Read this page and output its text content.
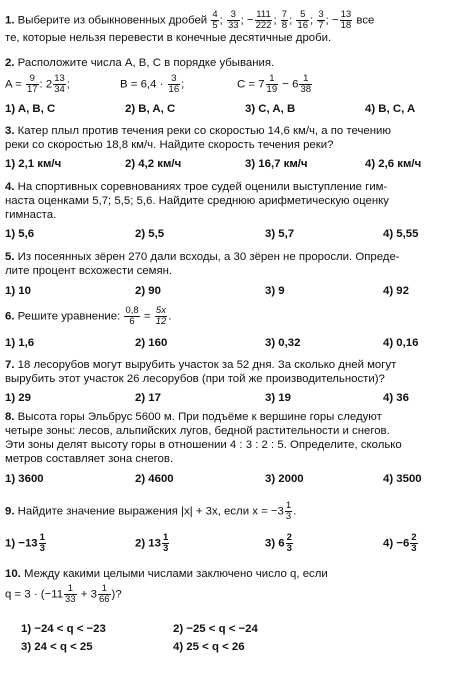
1. Выберите из обыкновенных дробей $\frac{4}{5}$ ; $\frac{3}{33}$ ; − $\frac{111}{222}$ ; $\frac{7}{8}$ ; $\frac{5}{16}$ ; $\frac{3}{7}$ ; − $\frac{13}{18}$ все
те, которые нельзя перевести в конечные десятичные дроби.
2. Расположите числа A, B, C в порядке убывания.
$A = \frac{9}{17}$ : $2 \frac{13}{34}$ ;	$B = 6,4 \cdot \frac{3}{16}$ ;	$C = 7 \frac{1}{19} - 6 \frac{1}{38}$
1) A, B, C	2) B, A, C	3) C, A, B	4) B, C, A
3. Катер плыл против течения реки со скоростью 14,6 км/ч, а по течению
реки со скоростью 18,8 км/ч. Найдите скорость течения реки?
1) 2,1 км/ч	2) 4,2 км/ч	3) 16,7 км/ч	4) 2,6 км/ч
4. На спортивных соревнованиях трое судей оценили выступление гим-
наста оценками 5,7; 5,5; 5,6. Найдите среднюю арифметическую оценку
гимнаста.
1) 5,6	2) 5,5	3) 5,7	4) 5,55
5. Из посеянных зёрен 270 дали всходы, а 30 зёрен не проросли. Опреде-
лите процент всхожести семян.
1) 10	2) 90	3) 9	4) 92
6. Решите уравнение: $\frac{0,8}{6} = \frac{5x}{12}$ .
1) 1,6	2) 160	3) 0,32	4) 0,16
7. 18 лесорубов могут вырубить участок за 52 дня. За сколько дней могут
вырубить этот участок 26 лесорубов (при той же производительности)?
1) 29	2) 17	3) 19	4) 36
8. Высота горы Эльбрус 5600 м. При подъёме к вершине горы следуют
четыре зоны: лесов, альпийских лугов, бедной растительности и снегов.
Эти зоны делят высоту горы в отношении 4 : 3 : 2 : 5. Определите, сколько
метров составляет зона снегов.
1) 3600	2) 4600	3) 2000	4) 3500
9. Найдите значение выражения |x| + 3x, если $x = -3 \frac{1}{3}$ .
$1) -13 \frac{1}{3}$	2) $13 \frac{1}{3}$	3) $6 \frac{2}{3}$	$4) -6 \frac{2}{3}$
10. Между какими целыми числами заключено число q, если
$q = 3 \cdot (-11 \frac{1}{33} + 3 \frac{1}{66}$ )?
1) −24 < q < −23	2) −25 < q < −24
3) 24 < q < 25	4) 25 < q < 26
